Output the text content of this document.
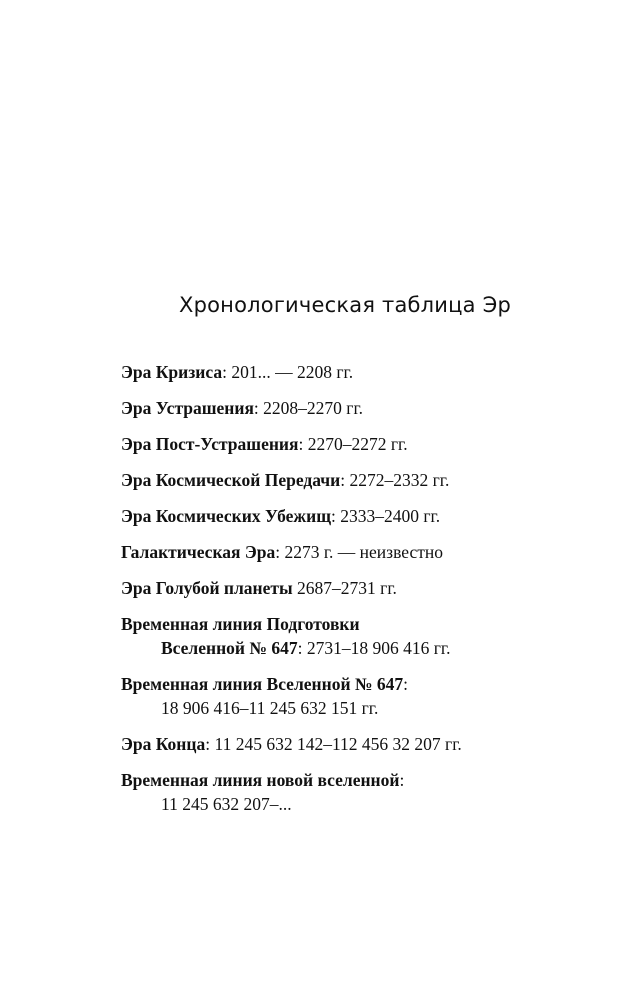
Хронологическая таблица Эр
Эра Кризиса: 201... — 2208 гг.
Эра Устрашения: 2208–2270 гг.
Эра Пост-Устрашения: 2270–2272 гг.
Эра Космической Передачи: 2272–2332 гг.
Эра Космических Убежищ: 2333–2400 гг.
Галактическая Эра: 2273 г. — неизвестно
Эра Голубой планеты 2687–2731 гг.
Временная линия Подготовки
Вселенной № 647: 2731–18 906 416 гг.
Временная линия Вселенной № 647:
18 906 416–11 245 632 151 гг.
Эра Конца: 11 245 632 142–112 456 32 207 гг.
Временная линия новой вселенной:
11 245 632 207–...
